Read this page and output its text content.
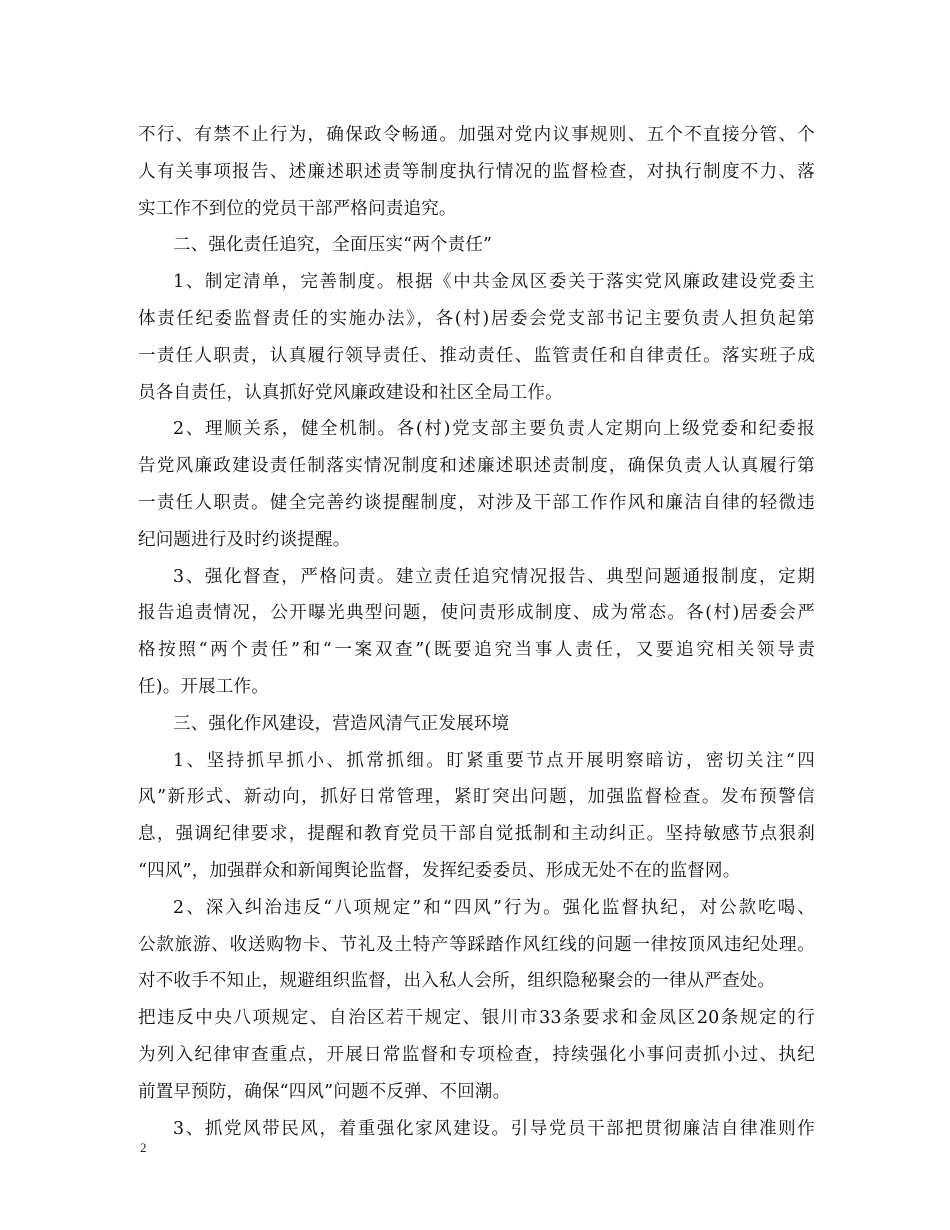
不行、有禁不止行为，确保政令畅通。加强对党内议事规则、五个不直接分管、个
人有关事项报告、述廉述职述责等制度执行情况的监督检查，对执行制度不力、落
实工作不到位的党员干部严格问责追究。
二、强化责任追究，全面压实“两个责任”
1、制定清单，完善制度。根据《中共金凤区委关于落实党风廉政建设党委主
体责任纪委监督责任的实施办法》，各(村)居委会党支部书记主要负责人担负起第
一责任人职责，认真履行领导责任、推动责任、监管责任和自律责任。落实班子成
员各自责任，认真抓好党风廉政建设和社区全局工作。
2、理顺关系，健全机制。各(村)党支部主要负责人定期向上级党委和纪委报
告党风廉政建设责任制落实情况制度和述廉述职述责制度，确保负责人认真履行第
一责任人职责。健全完善约谈提醒制度，对涉及干部工作作风和廉洁自律的轻微违
纪问题进行及时约谈提醒。
3、强化督查，严格问责。建立责任追究情况报告、典型问题通报制度，定期
报告追责情况，公开曝光典型问题，使问责形成制度、成为常态。各(村)居委会严
格按照“两个责任”和“一案双查”(既要追究当事人责任，又要追究相关领导责
任)。开展工作。
三、强化作风建设，营造风清气正发展环境
1、坚持抓早抓小、抓常抓细。盯紧重要节点开展明察暗访，密切关注“四
风”新形式、新动向，抓好日常管理，紧盯突出问题，加强监督检查。发布预警信
息，强调纪律要求，提醒和教育党员干部自觉抵制和主动纠正。坚持敏感节点狠刹
“四风”，加强群众和新闻舆论监督，发挥纪委委员、形成无处不在的监督网。
2、深入纠治违反“八项规定”和“四风”行为。强化监督执纪，对公款吃喝、
公款旅游、收送购物卡、节礼及土特产等踩踏作风红线的问题一律按顶风违纪处理。
对不收手不知止，规避组织监督，出入私人会所，组织隐秘聚会的一律从严查处。
把违反中央八项规定、自治区若干规定、银川市33条要求和金凤区20条规定的行
为列入纪律审查重点，开展日常监督和专项检查，持续强化小事问责抓小过、执纪
前置早预防，确保“四风”问题不反弹、不回潮。
3、抓党风带民风，着重强化家风建设。引导党员干部把贯彻廉洁自律准则作
2
